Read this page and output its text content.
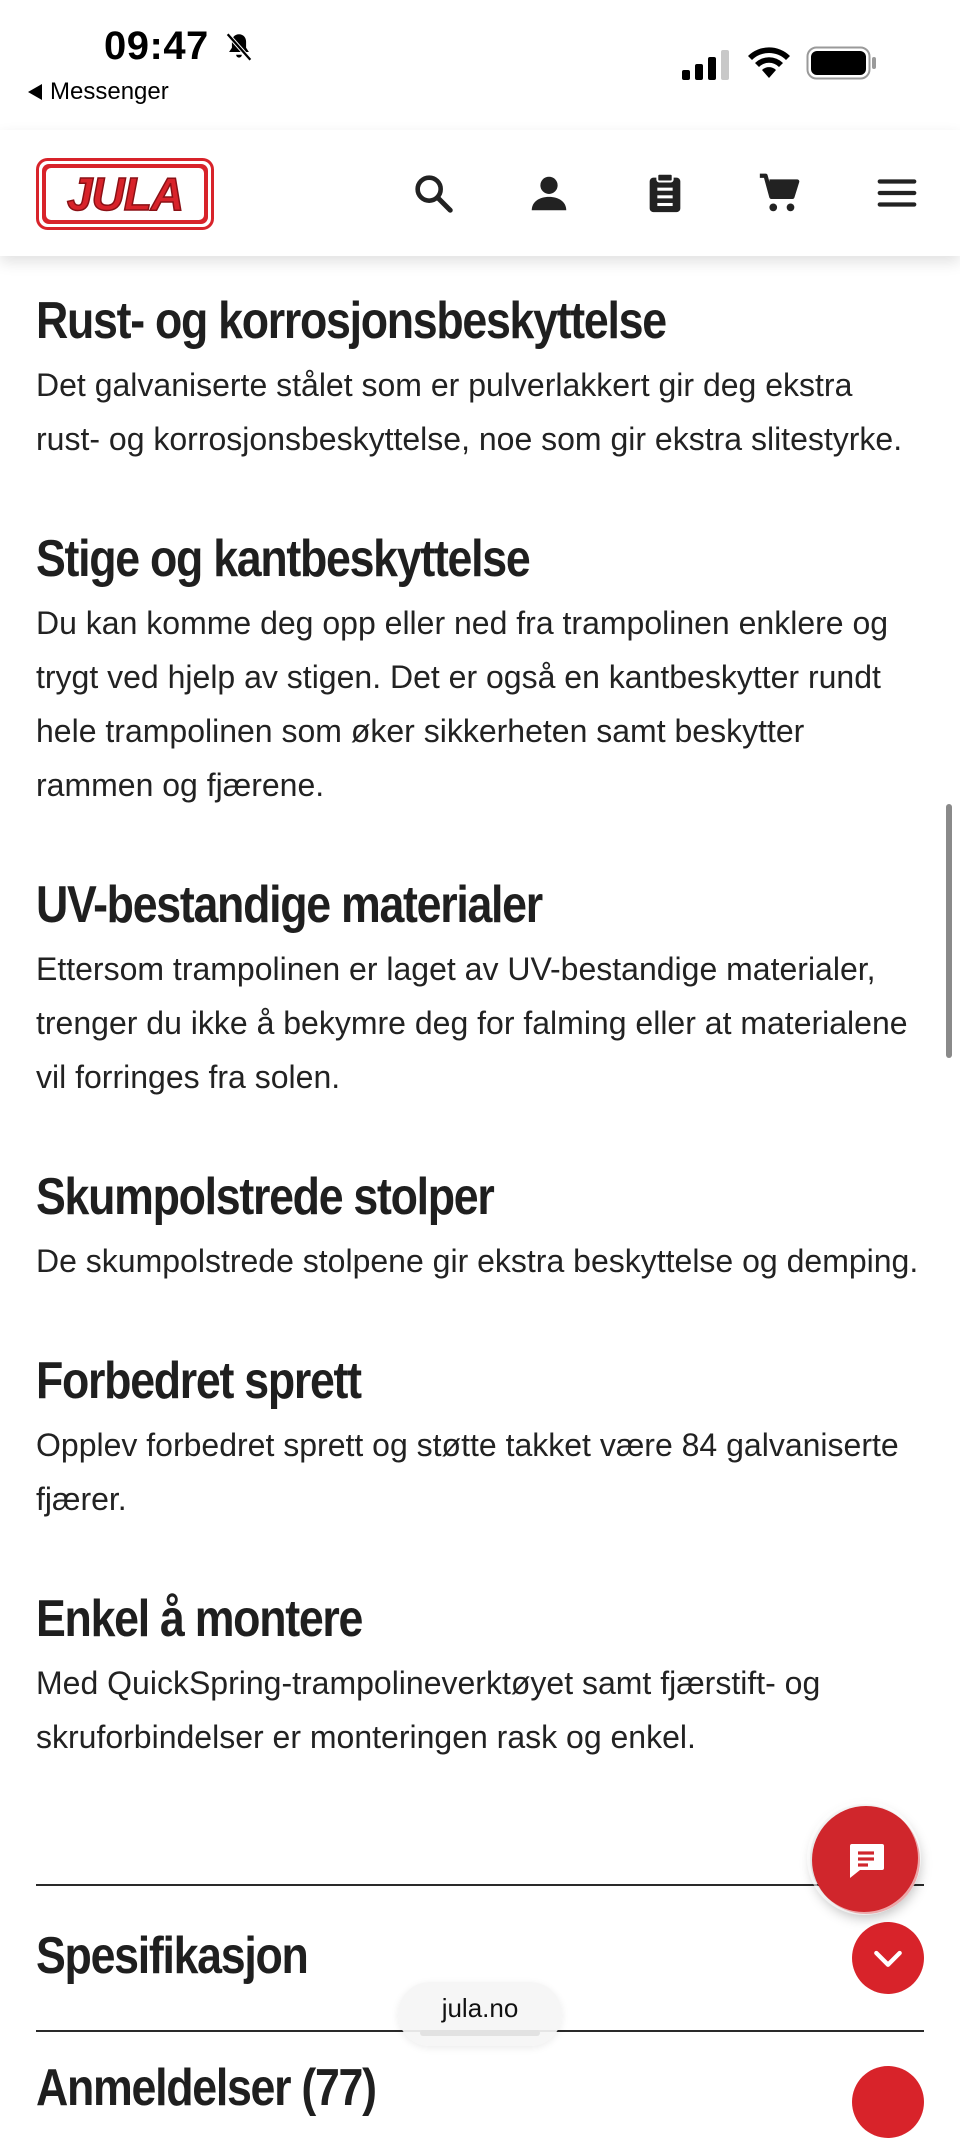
09:47
Messenger
JULA
Rust- og korrosjonsbeskyttelse

Det galvaniserte stålet som er pulverlakkert gir deg ekstra rust- og korrosjonsbeskyttelse, noe som gir ekstra slitestyrke.

Stige og kantbeskyttelse

Du kan komme deg opp eller ned fra trampolinen enklere og trygt ved hjelp av stigen. Det er også en kantbeskytter rundt hele trampolinen som øker sikkerheten samt beskytter rammen og fjærene.

UV-bestandige materialer

Ettersom trampolinen er laget av UV-bestandige materialer, trenger du ikke å bekymre deg for falming eller at materialene vil forringes fra solen.

Skumpolstrede stolper

De skumpolstrede stolpene gir ekstra beskyttelse og demping.

Forbedret sprett

Opplev forbedret sprett og støtte takket være 84 galvaniserte fjærer.

Enkel å montere

Med QuickSpring-trampolineverktøyet samt fjærstift- og skruforbindelser er monteringen rask og enkel.

Spesifikasjon
Anmeldelser (77)
jula.no
